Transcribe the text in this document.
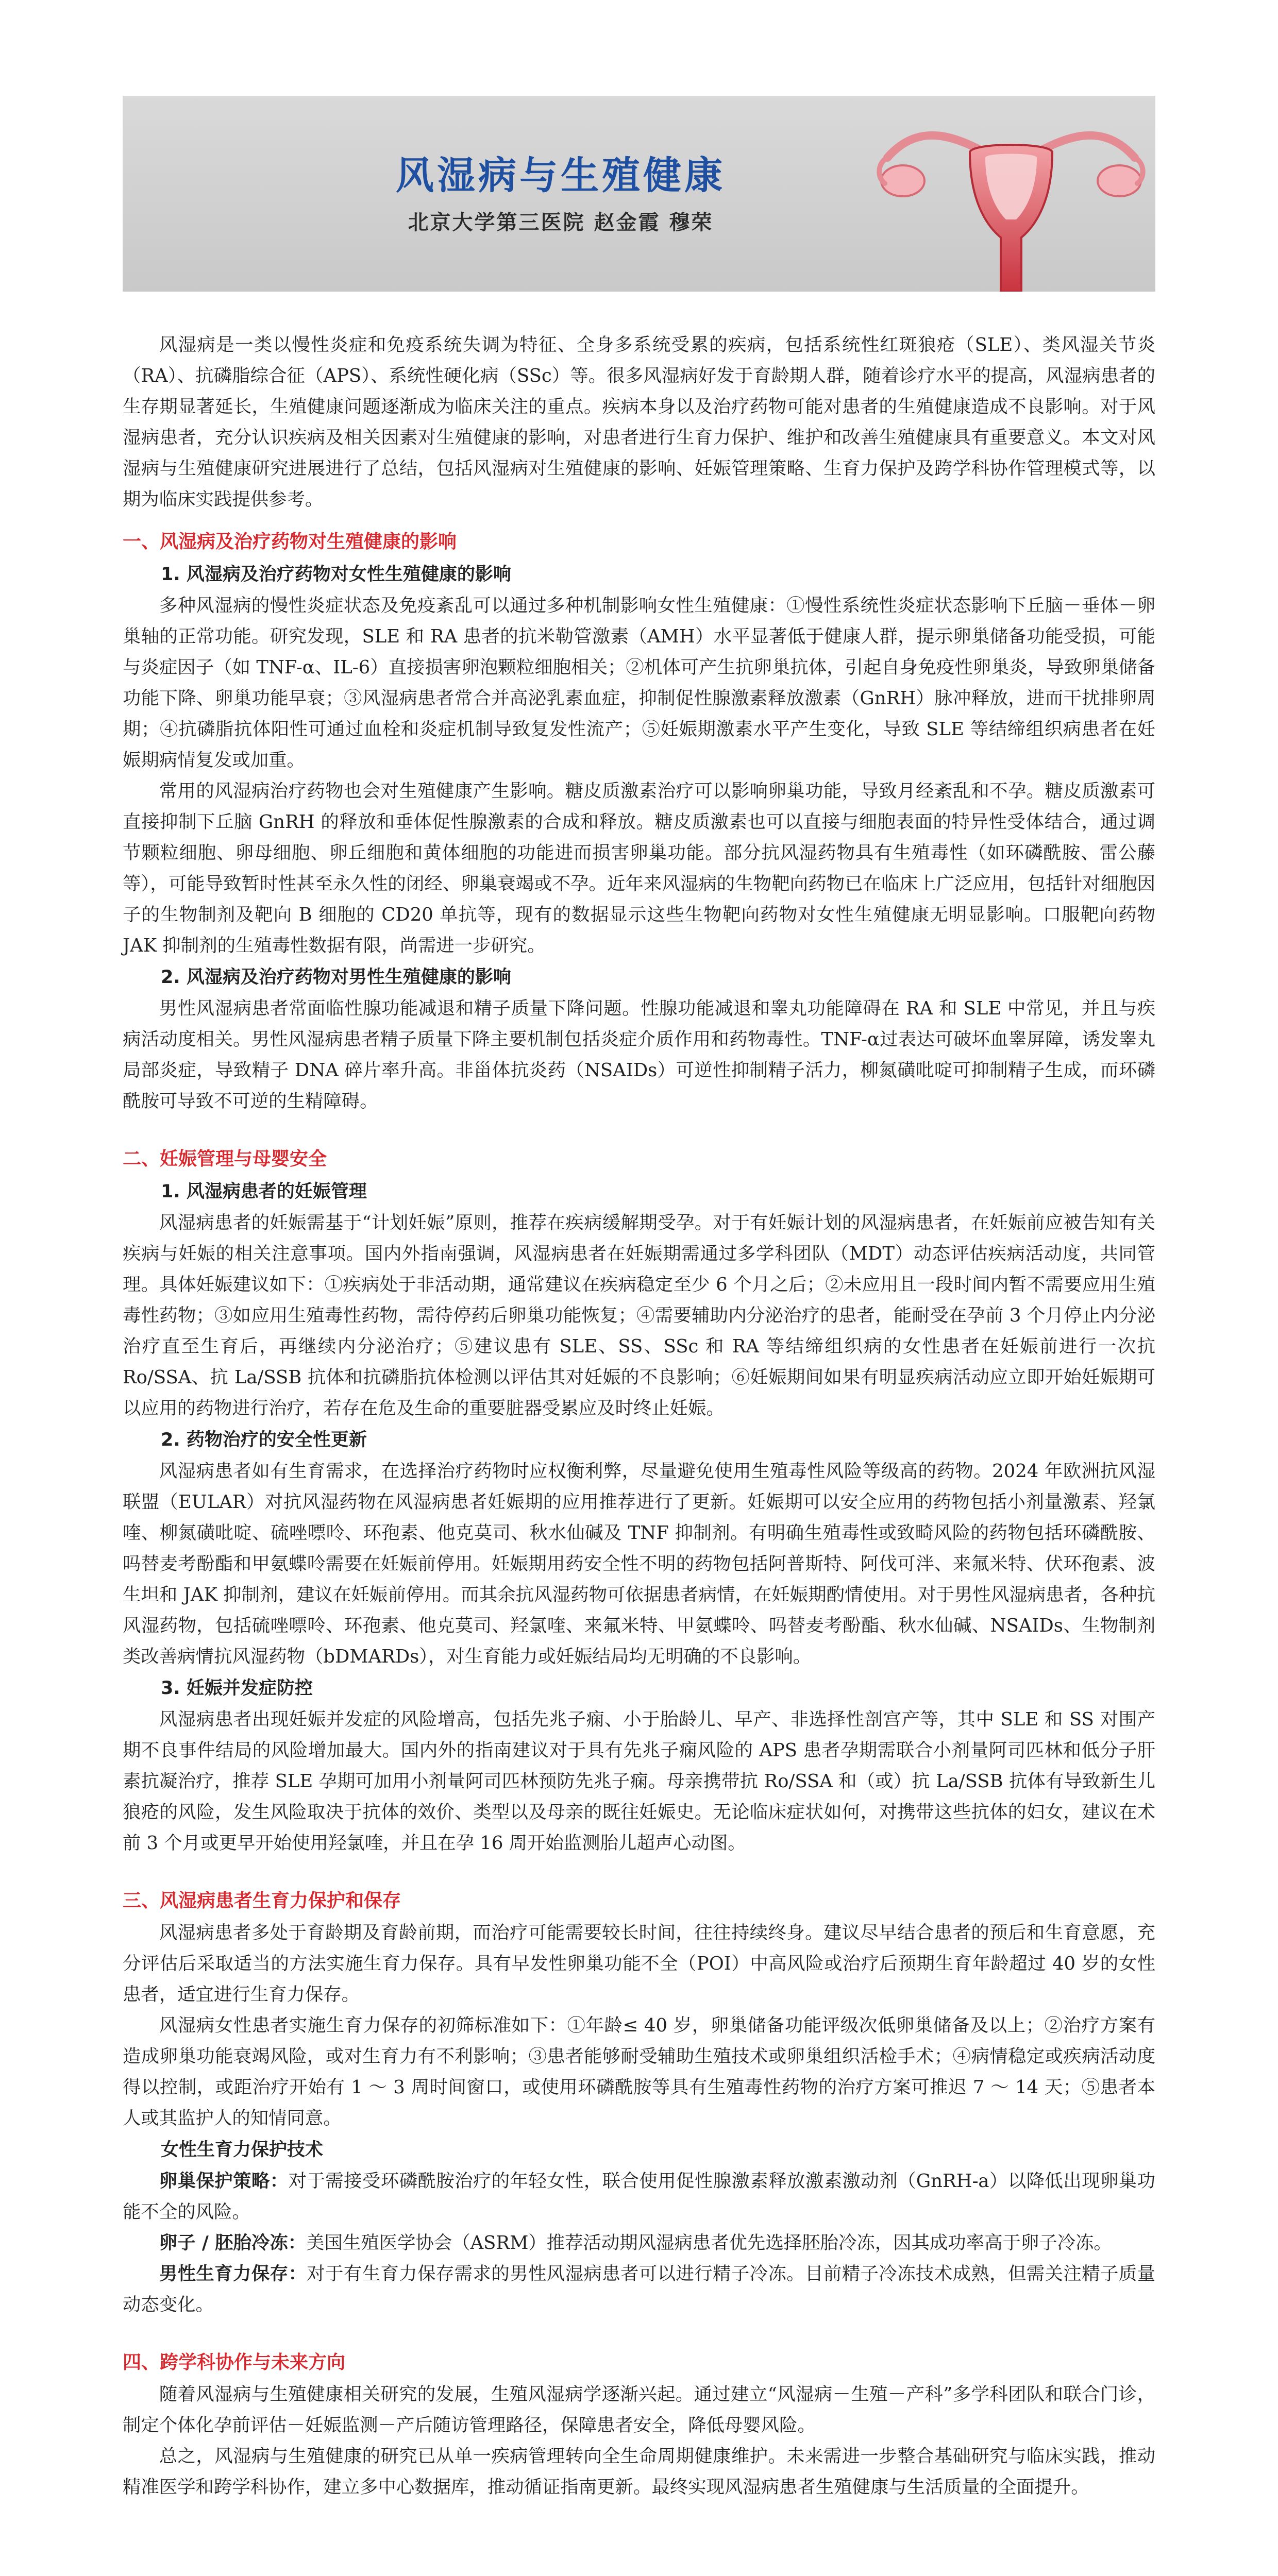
风湿病与生殖健康
北京大学第三医院 赵金霞 穆荣

风湿病是一类以慢性炎症和免疫系统失调为特征、全身多系统受累的疾病，包括系统性红斑狼疮（SLE）、类风湿关节炎（RA）、抗磷脂综合征（APS）、系统性硬化病（SSc）等。很多风湿病好发于育龄期人群，随着诊疗水平的提高，风湿病患者的生存期显著延长，生殖健康问题逐渐成为临床关注的重点。疾病本身以及治疗药物可能对患者的生殖健康造成不良影响。对于风湿病患者，充分认识疾病及相关因素对生殖健康的影响，对患者进行生育力保护、维护和改善生殖健康具有重要意义。本文对风湿病与生殖健康研究进展进行了总结，包括风湿病对生殖健康的影响、妊娠管理策略、生育力保护及跨学科协作管理模式等，以期为临床实践提供参考。

一、风湿病及治疗药物对生殖健康的影响
1. 风湿病及治疗药物对女性生殖健康的影响

多种风湿病的慢性炎症状态及免疫紊乱可以通过多种机制影响女性生殖健康：①慢性系统性炎症状态影响下丘脑－垂体－卵巢轴的正常功能。研究发现，SLE 和 RA 患者的抗米勒管激素（AMH）水平显著低于健康人群，提示卵巢储备功能受损，可能与炎症因子（如 TNF-α、IL-6）直接损害卵泡颗粒细胞相关；②机体可产生抗卵巢抗体，引起自身免疫性卵巢炎，导致卵巢储备功能下降、卵巢功能早衰；③风湿病患者常合并高泌乳素血症，抑制促性腺激素释放激素（GnRH）脉冲释放，进而干扰排卵周期；④抗磷脂抗体阳性可通过血栓和炎症机制导致复发性流产；⑤妊娠期激素水平产生变化，导致 SLE 等结缔组织病患者在妊娠期病情复发或加重。

常用的风湿病治疗药物也会对生殖健康产生影响。糖皮质激素治疗可以影响卵巢功能，导致月经紊乱和不孕。糖皮质激素可直接抑制下丘脑 GnRH 的释放和垂体促性腺激素的合成和释放。糖皮质激素也可以直接与细胞表面的特异性受体结合，通过调节颗粒细胞、卵母细胞、卵丘细胞和黄体细胞的功能进而损害卵巢功能。部分抗风湿药物具有生殖毒性（如环磷酰胺、雷公藤等），可能导致暂时性甚至永久性的闭经、卵巢衰竭或不孕。近年来风湿病的生物靶向药物已在临床上广泛应用，包括针对细胞因子的生物制剂及靶向 B 细胞的 CD20 单抗等，现有的数据显示这些生物靶向药物对女性生殖健康无明显影响。口服靶向药物 JAK 抑制剂的生殖毒性数据有限，尚需进一步研究。

2. 风湿病及治疗药物对男性生殖健康的影响

男性风湿病患者常面临性腺功能减退和精子质量下降问题。性腺功能减退和睾丸功能障碍在 RA 和 SLE 中常见，并且与疾病活动度相关。男性风湿病患者精子质量下降主要机制包括炎症介质作用和药物毒性。TNF-α过表达可破坏血睾屏障，诱发睾丸局部炎症，导致精子 DNA 碎片率升高。非甾体抗炎药（NSAIDs）可逆性抑制精子活力，柳氮磺吡啶可抑制精子生成，而环磷酰胺可导致不可逆的生精障碍。

二、妊娠管理与母婴安全
1. 风湿病患者的妊娠管理

风湿病患者的妊娠需基于“计划妊娠”原则，推荐在疾病缓解期受孕。对于有妊娠计划的风湿病患者，在妊娠前应被告知有关疾病与妊娠的相关注意事项。国内外指南强调，风湿病患者在妊娠期需通过多学科团队（MDT）动态评估疾病活动度，共同管理。具体妊娠建议如下：①疾病处于非活动期，通常建议在疾病稳定至少 6 个月之后；②未应用且一段时间内暂不需要应用生殖毒性药物；③如应用生殖毒性药物，需待停药后卵巢功能恢复；④需要辅助内分泌治疗的患者，能耐受在孕前 3 个月停止内分泌治疗直至生育后，再继续内分泌治疗；⑤建议患有 SLE、SS、SSc 和 RA 等结缔组织病的女性患者在妊娠前进行一次抗 Ro/SSA、抗 La/SSB 抗体和抗磷脂抗体检测以评估其对妊娠的不良影响；⑥妊娠期间如果有明显疾病活动应立即开始妊娠期可以应用的药物进行治疗，若存在危及生命的重要脏器受累应及时终止妊娠。

2. 药物治疗的安全性更新

风湿病患者如有生育需求，在选择治疗药物时应权衡利弊，尽量避免使用生殖毒性风险等级高的药物。2024 年欧洲抗风湿联盟（EULAR）对抗风湿药物在风湿病患者妊娠期的应用推荐进行了更新。妊娠期可以安全应用的药物包括小剂量激素、羟氯喹、柳氮磺吡啶、硫唑嘌呤、环孢素、他克莫司、秋水仙碱及 TNF 抑制剂。有明确生殖毒性或致畸风险的药物包括环磷酰胺、吗替麦考酚酯和甲氨蝶呤需要在妊娠前停用。妊娠期用药安全性不明的药物包括阿普斯特、阿伐可泮、来氟米特、伏环孢素、波生坦和 JAK 抑制剂，建议在妊娠前停用。而其余抗风湿药物可依据患者病情，在妊娠期酌情使用。对于男性风湿病患者，各种抗风湿药物，包括硫唑嘌呤、环孢素、他克莫司、羟氯喹、来氟米特、甲氨蝶呤、吗替麦考酚酯、秋水仙碱、NSAIDs、生物制剂类改善病情抗风湿药物（bDMARDs），对生育能力或妊娠结局均无明确的不良影响。

3. 妊娠并发症防控

风湿病患者出现妊娠并发症的风险增高，包括先兆子痫、小于胎龄儿、早产、非选择性剖宫产等，其中 SLE 和 SS 对围产期不良事件结局的风险增加最大。国内外的指南建议对于具有先兆子痫风险的 APS 患者孕期需联合小剂量阿司匹林和低分子肝素抗凝治疗，推荐 SLE 孕期可加用小剂量阿司匹林预防先兆子痫。母亲携带抗 Ro/SSA 和（或）抗 La/SSB 抗体有导致新生儿狼疮的风险，发生风险取决于抗体的效价、类型以及母亲的既往妊娠史。无论临床症状如何，对携带这些抗体的妇女，建议在术前 3 个月或更早开始使用羟氯喹，并且在孕 16 周开始监测胎儿超声心动图。

三、风湿病患者生育力保护和保存

风湿病患者多处于育龄期及育龄前期，而治疗可能需要较长时间，往往持续终身。建议尽早结合患者的预后和生育意愿，充分评估后采取适当的方法实施生育力保存。具有早发性卵巢功能不全（POI）中高风险或治疗后预期生育年龄超过 40 岁的女性患者，适宜进行生育力保存。

风湿病女性患者实施生育力保存的初筛标准如下：①年龄≤ 40 岁，卵巢储备功能评级次低卵巢储备及以上；②治疗方案有造成卵巢功能衰竭风险，或对生育力有不利影响；③患者能够耐受辅助生殖技术或卵巢组织活检手术；④病情稳定或疾病活动度得以控制，或距治疗开始有 1 ～ 3 周时间窗口，或使用环磷酰胺等具有生殖毒性药物的治疗方案可推迟 7 ～ 14 天；⑤患者本人或其监护人的知情同意。

女性生育力保护技术

卵巢保护策略：对于需接受环磷酰胺治疗的年轻女性，联合使用促性腺激素释放激素激动剂（GnRH-a）以降低出现卵巢功能不全的风险。

卵子 / 胚胎冷冻：美国生殖医学协会（ASRM）推荐活动期风湿病患者优先选择胚胎冷冻，因其成功率高于卵子冷冻。

男性生育力保存：对于有生育力保存需求的男性风湿病患者可以进行精子冷冻。目前精子冷冻技术成熟，但需关注精子质量动态变化。

四、跨学科协作与未来方向

随着风湿病与生殖健康相关研究的发展，生殖风湿病学逐渐兴起。通过建立“风湿病－生殖－产科”多学科团队和联合门诊，制定个体化孕前评估－妊娠监测－产后随访管理路径，保障患者安全，降低母婴风险。

总之，风湿病与生殖健康的研究已从单一疾病管理转向全生命周期健康维护。未来需进一步整合基础研究与临床实践，推动精准医学和跨学科协作，建立多中心数据库，推动循证指南更新。最终实现风湿病患者生殖健康与生活质量的全面提升。
